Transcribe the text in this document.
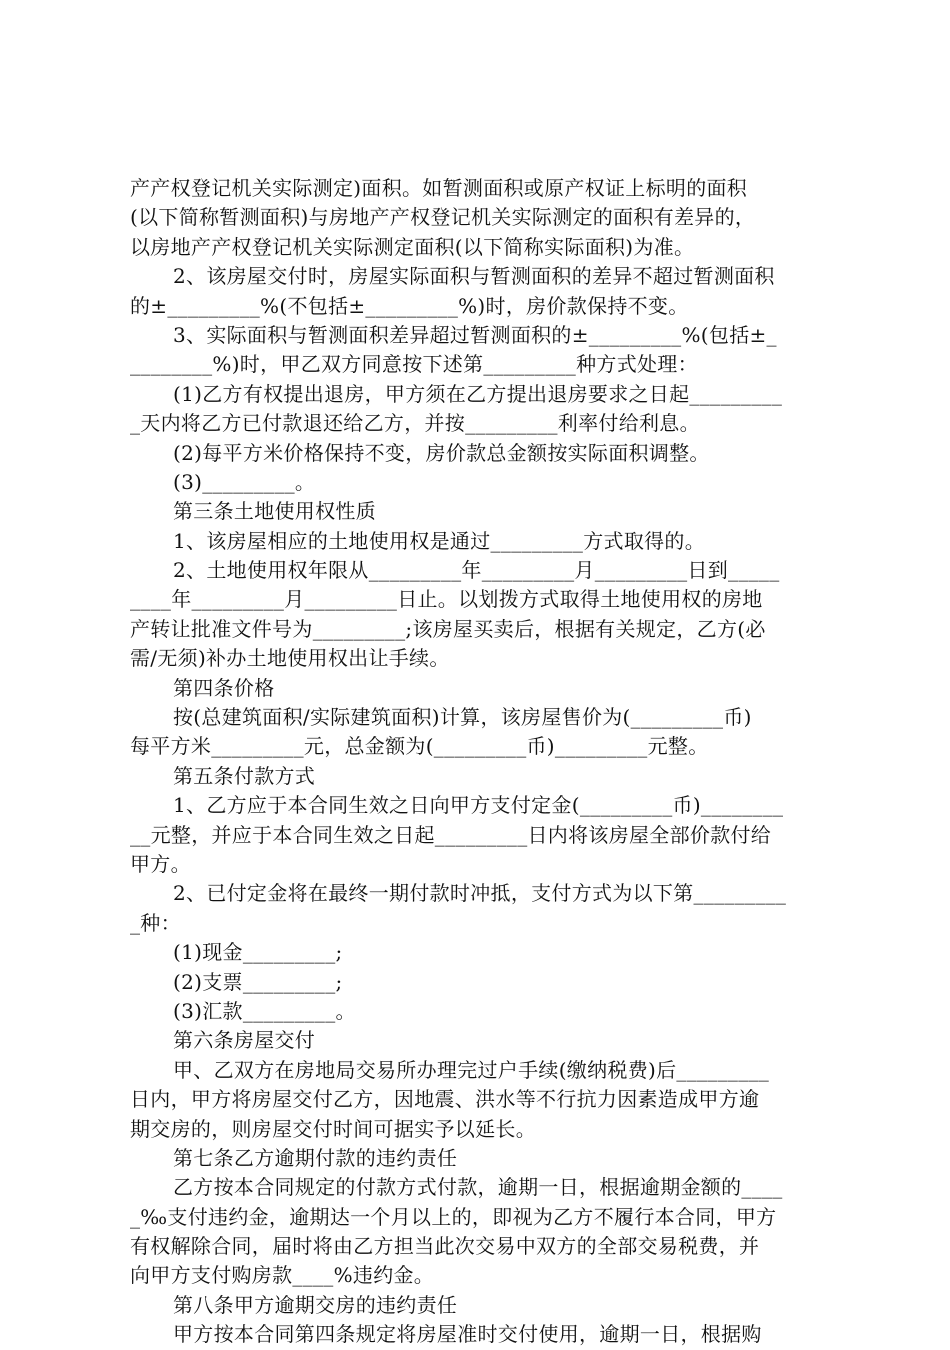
产产权登记机关实际测定)面积。如暂测面积或原产权证上标明的面积
(以下简称暂测面积)与房地产产权登记机关实际测定的面积有差异的，
以房地产产权登记机关实际测定面积(以下简称实际面积)为准。
2、该房屋交付时，房屋实际面积与暂测面积的差异不超过暂测面积
的±_________%(不包括±_________%)时，房价款保持不变。
3、实际面积与暂测面积差异超过暂测面积的±_________%(包括±_
________%)时，甲乙双方同意按下述第_________种方式处理：
(1)乙方有权提出退房，甲方须在乙方提出退房要求之日起_________
_天内将乙方已付款退还给乙方，并按_________利率付给利息。
(2)每平方米价格保持不变，房价款总金额按实际面积调整。
(3)_________。
第三条土地使用权性质
1、该房屋相应的土地使用权是通过_________方式取得的。
2、土地使用权年限从_________年_________月_________日到_____
____年_________月_________日止。以划拨方式取得土地使用权的房地
产转让批准文件号为_________;该房屋买卖后，根据有关规定，乙方(必
需/无须)补办土地使用权出让手续。
第四条价格
按(总建筑面积/实际建筑面积)计算，该房屋售价为(_________币)
每平方米_________元，总金额为(_________币)_________元整。
第五条付款方式
1、乙方应于本合同生效之日向甲方支付定金(_________币)________
__元整，并应于本合同生效之日起_________日内将该房屋全部价款付给
甲方。
2、已付定金将在最终一期付款时冲抵，支付方式为以下第_________
_种：
(1)现金_________;
(2)支票_________;
(3)汇款_________。
第六条房屋交付
甲、乙双方在房地局交易所办理完过户手续(缴纳税费)后_________
日内，甲方将房屋交付乙方，因地震、洪水等不行抗力因素造成甲方逾
期交房的，则房屋交付时间可据实予以延长。
第七条乙方逾期付款的违约责任
乙方按本合同规定的付款方式付款，逾期一日，根据逾期金额的____
_‰支付违约金，逾期达一个月以上的，即视为乙方不履行本合同，甲方
有权解除合同，届时将由乙方担当此次交易中双方的全部交易税费，并
向甲方支付购房款____%违约金。
第八条甲方逾期交房的违约责任
甲方按本合同第四条规定将房屋准时交付使用，逾期一日，根据购
